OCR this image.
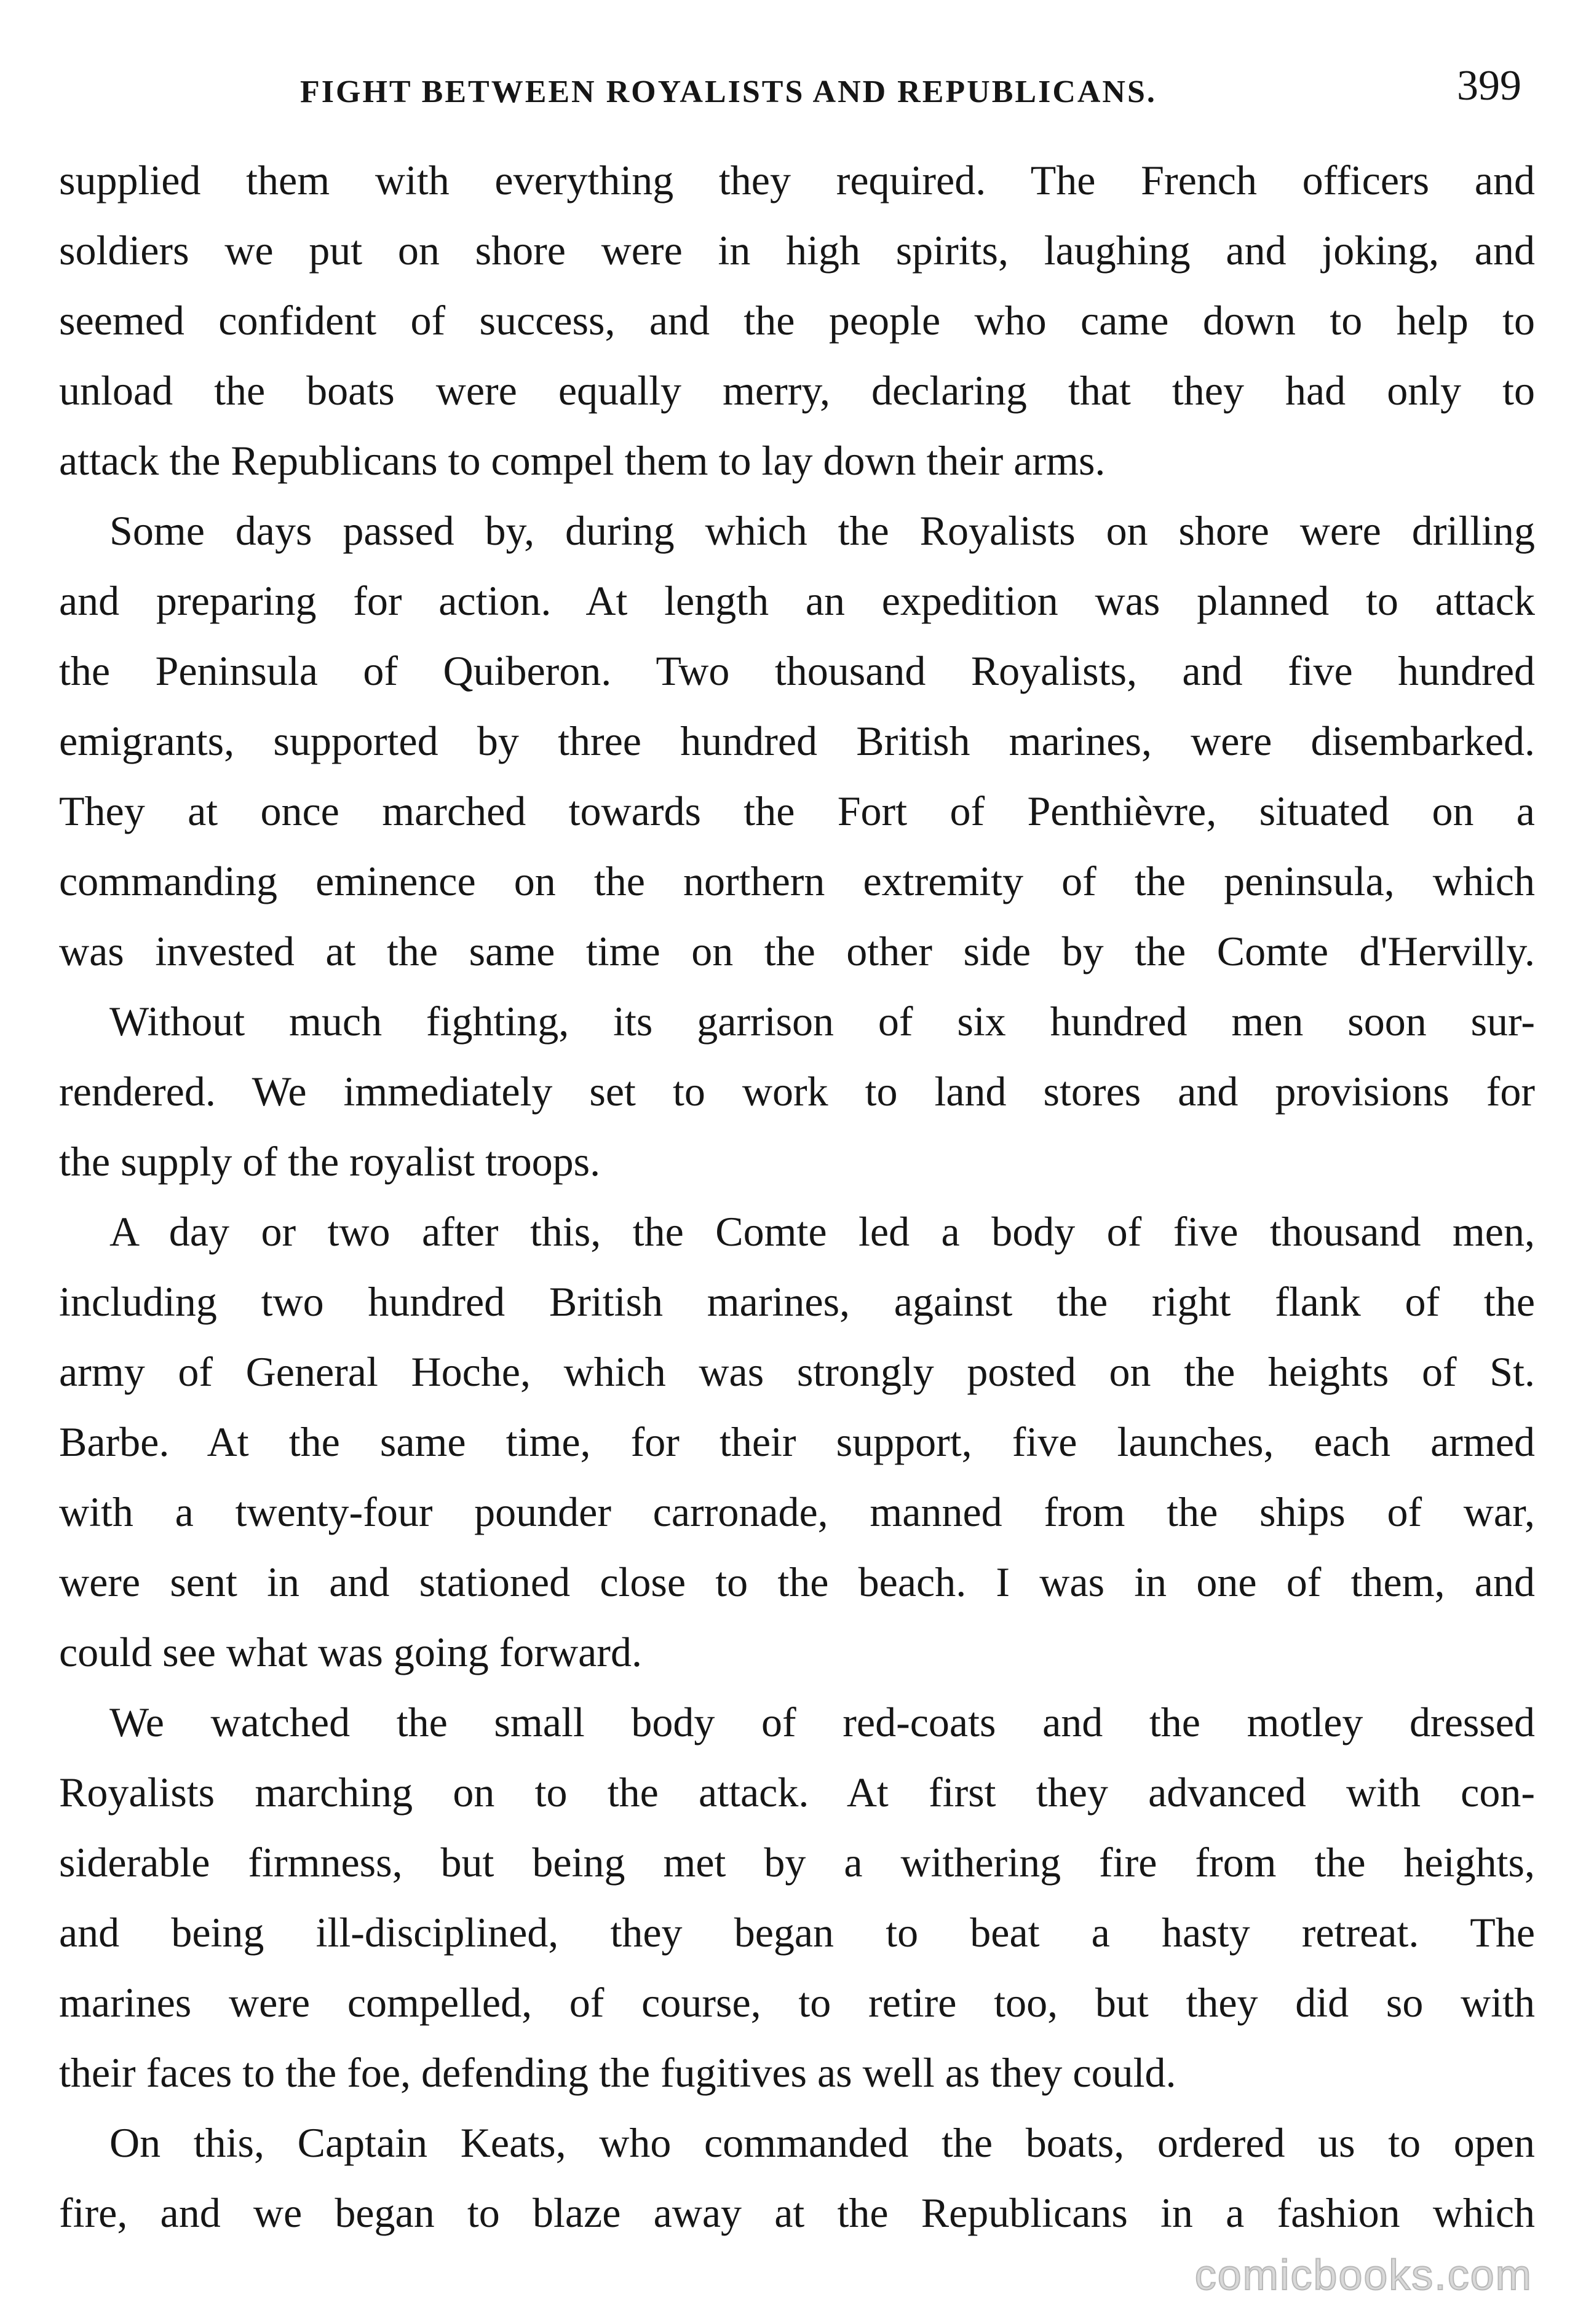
FIGHT BETWEEN ROYALISTS AND REPUBLICANS.	399
supplied them with everything they required. The French officers and
soldiers we put on shore were in high spirits, laughing and joking, and
seemed confident of success, and the people who came down to help to
unload the boats were equally merry, declaring that they had only to
attack the Republicans to compel them to lay down their arms.
Some days passed by, during which the Royalists on shore were drilling
and preparing for action. At length an expedition was planned to attack
the Peninsula of Quiberon. Two thousand Royalists, and five hundred
emigrants, supported by three hundred British marines, were disembarked.
They at once marched towards the Fort of Penthièvre, situated on a
commanding eminence on the northern extremity of the peninsula, which
was invested at the same time on the other side by the Comte d'Hervilly.
Without much fighting, its garrison of six hundred men soon sur-
rendered. We immediately set to work to land stores and provisions for
the supply of the royalist troops.
A day or two after this, the Comte led a body of five thousand men,
including two hundred British marines, against the right flank of the
army of General Hoche, which was strongly posted on the heights of St.
Barbe. At the same time, for their support, five launches, each armed
with a twenty-four pounder carronade, manned from the ships of war,
were sent in and stationed close to the beach. I was in one of them, and
could see what was going forward.
We watched the small body of red-coats and the motley dressed
Royalists marching on to the attack. At first they advanced with con-
siderable firmness, but being met by a withering fire from the heights,
and being ill-disciplined, they began to beat a hasty retreat. The
marines were compelled, of course, to retire too, but they did so with
their faces to the foe, defending the fugitives as well as they could.
On this, Captain Keats, who commanded the boats, ordered us to open
fire, and we began to blaze away at the Republicans in a fashion which
comicbooks.com
